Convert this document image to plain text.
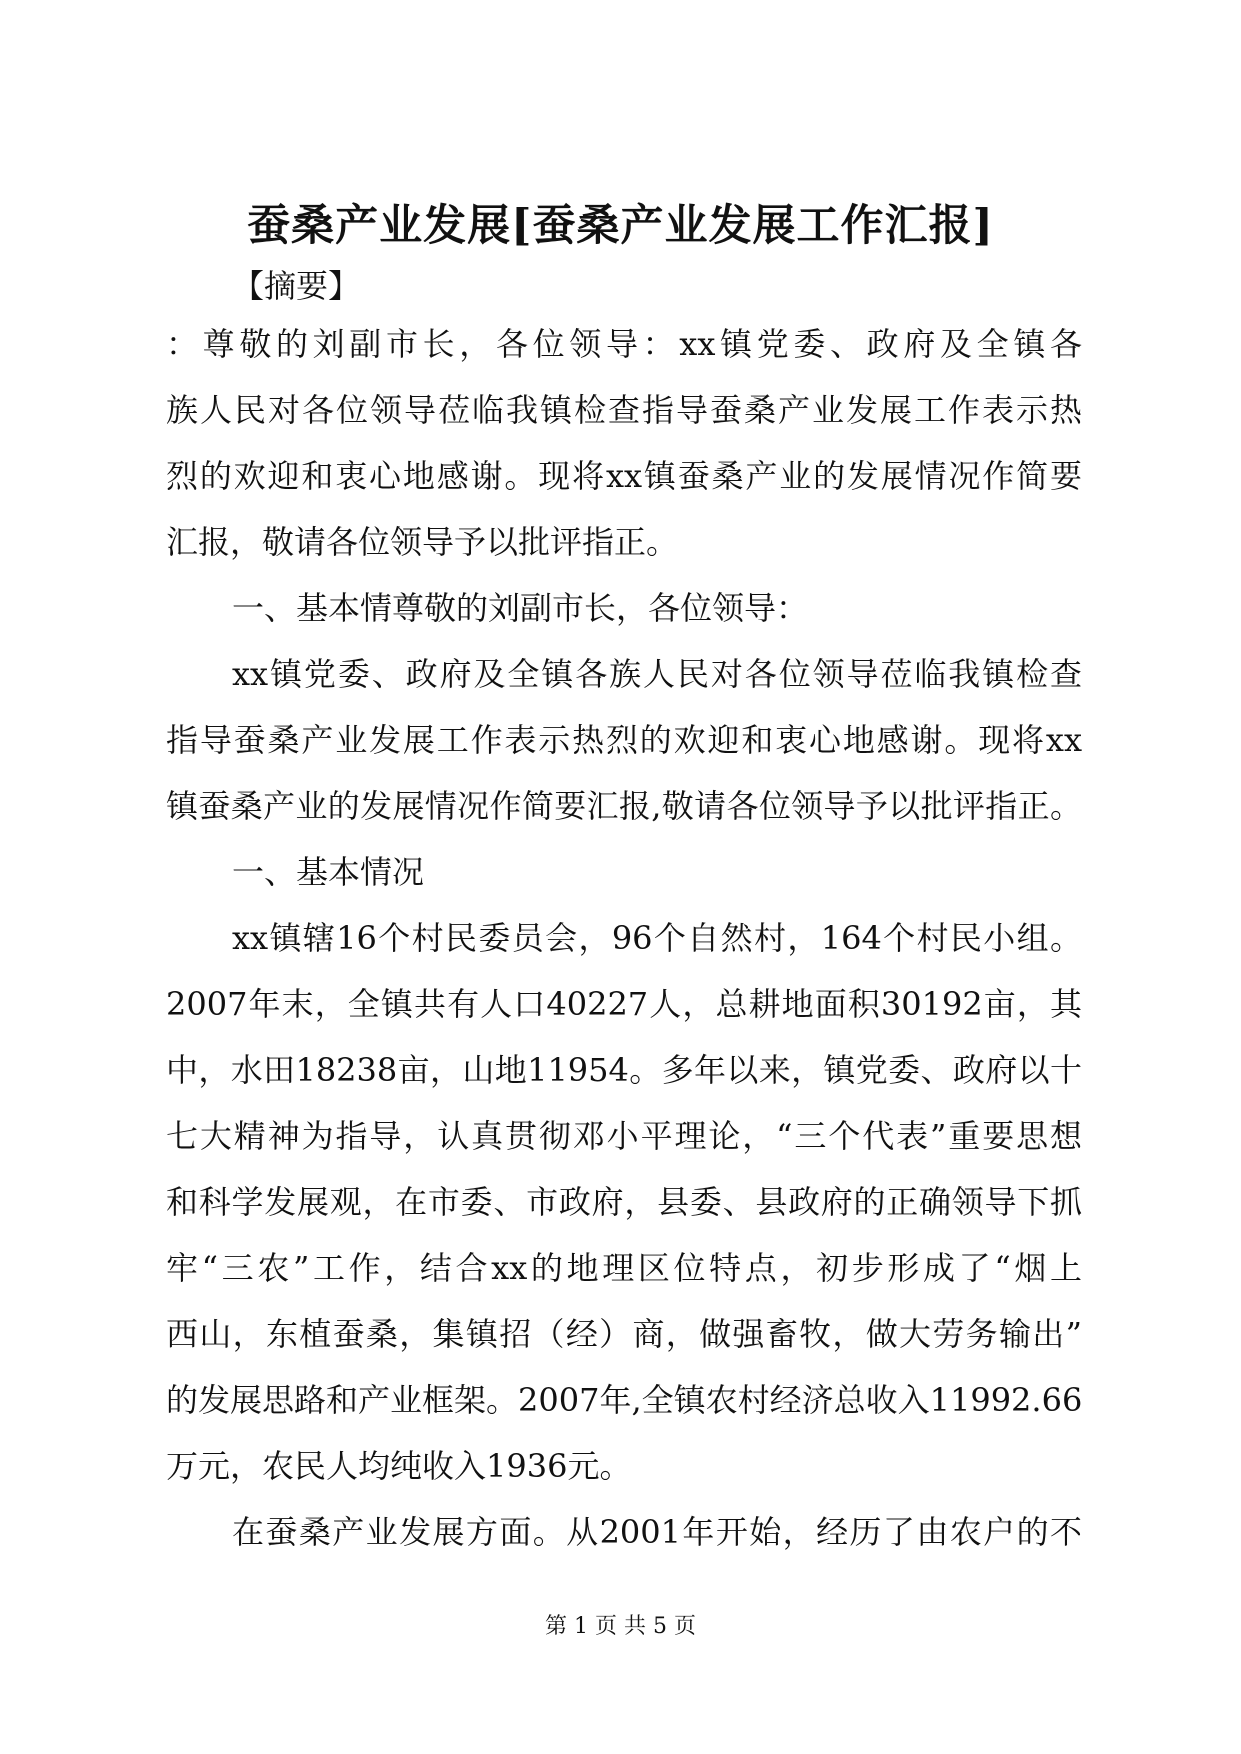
蚕桑产业发展[蚕桑产业发展工作汇报]
【摘要】
：尊敬的刘副市长，各位领导：xx镇党委、政府及全镇各
族人民对各位领导莅临我镇检查指导蚕桑产业发展工作表示热
烈的欢迎和衷心地感谢。现将xx镇蚕桑产业的发展情况作简要
汇报，敬请各位领导予以批评指正。
一、基本情尊敬的刘副市长，各位领导：
xx镇党委、政府及全镇各族人民对各位领导莅临我镇检查
指导蚕桑产业发展工作表示热烈的欢迎和衷心地感谢。现将xx
镇蚕桑产业的发展情况作简要汇报,敬请各位领导予以批评指正。
一、基本情况
xx镇辖16个村民委员会，96个自然村，164个村民小组。
2007年末，全镇共有人口40227人，总耕地面积30192亩，其
中，水田18238亩，山地11954。多年以来，镇党委、政府以十
七大精神为指导，认真贯彻邓小平理论，“三个代表”重要思想
和科学发展观，在市委、市政府，县委、县政府的正确领导下抓
牢“三农”工作，结合xx的地理区位特点，初步形成了“烟上
西山，东植蚕桑，集镇招（经）商，做强畜牧，做大劳务输出”
的发展思路和产业框架。2007年,全镇农村经济总收入11992.66
万元，农民人均纯收入1936元。
在蚕桑产业发展方面。从2001年开始，经历了由农户的不
第 1 页 共 5 页
